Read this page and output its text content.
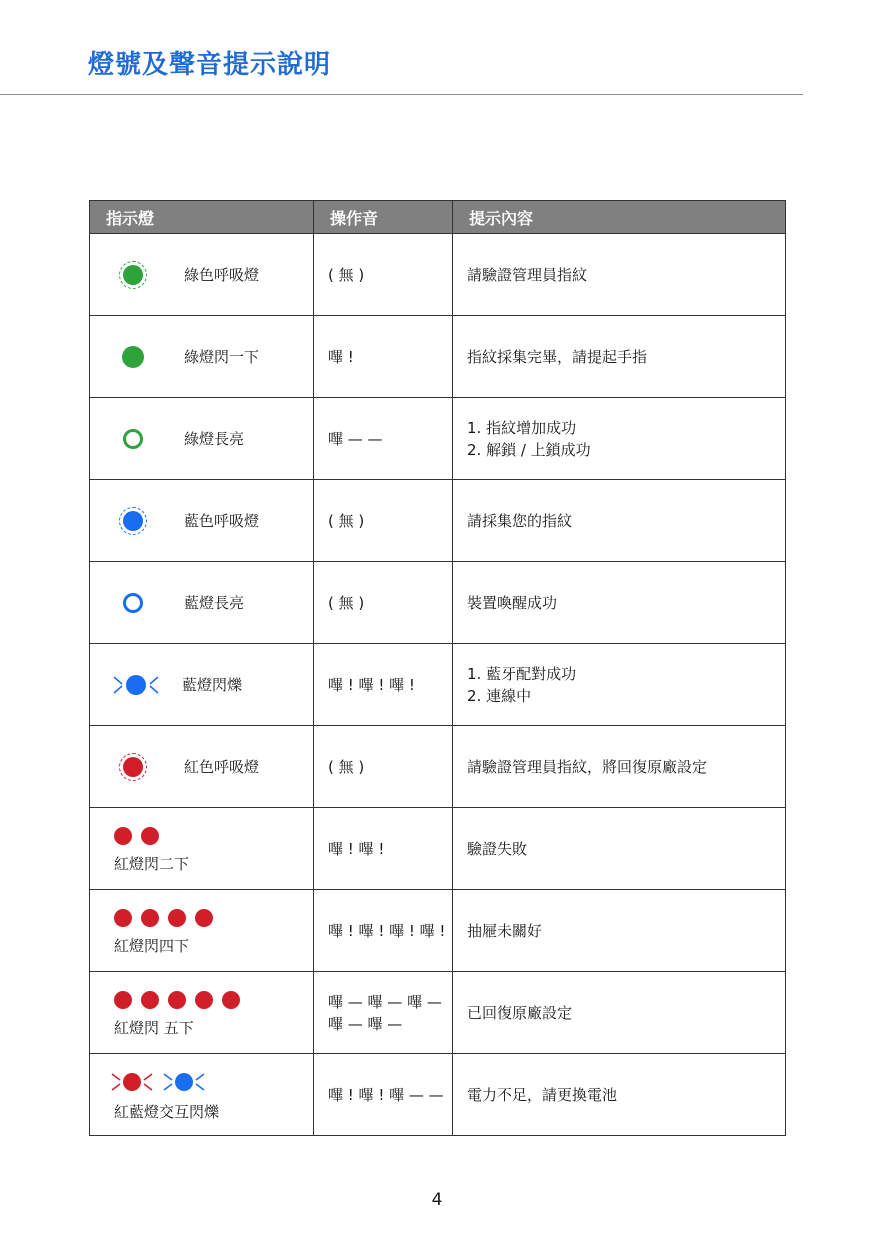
燈號及聲音提示說明
指示燈	操作音	提示內容

綠色呼吸燈	( 無 )	請驗證管理員指紋

綠燈閃一下	嗶 !	指紋採集完畢，請提起手指

綠燈長亮	嗶 — —	1. 指紋增加成功
2. 解鎖 / 上鎖成功

藍色呼吸燈	( 無 )	請採集您的指紋

藍燈長亮	( 無 )	裝置喚醒成功

藍燈閃爍	嗶 ! 嗶 ! 嗶 !	1. 藍牙配對成功
2. 連線中

紅色呼吸燈	( 無 )	請驗證管理員指紋，將回復原廠設定

紅燈閃二下	嗶 ! 嗶 !	驗證失敗

紅燈閃四下	嗶 ! 嗶 ! 嗶 ! 嗶 !	抽屜未關好

紅燈閃 五下	嗶 — 嗶 — 嗶 —
嗶 — 嗶 —	已回復原廠設定

紅藍燈交互閃爍	嗶 ! 嗶 ! 嗶 — —	電力不足，請更換電池
4
